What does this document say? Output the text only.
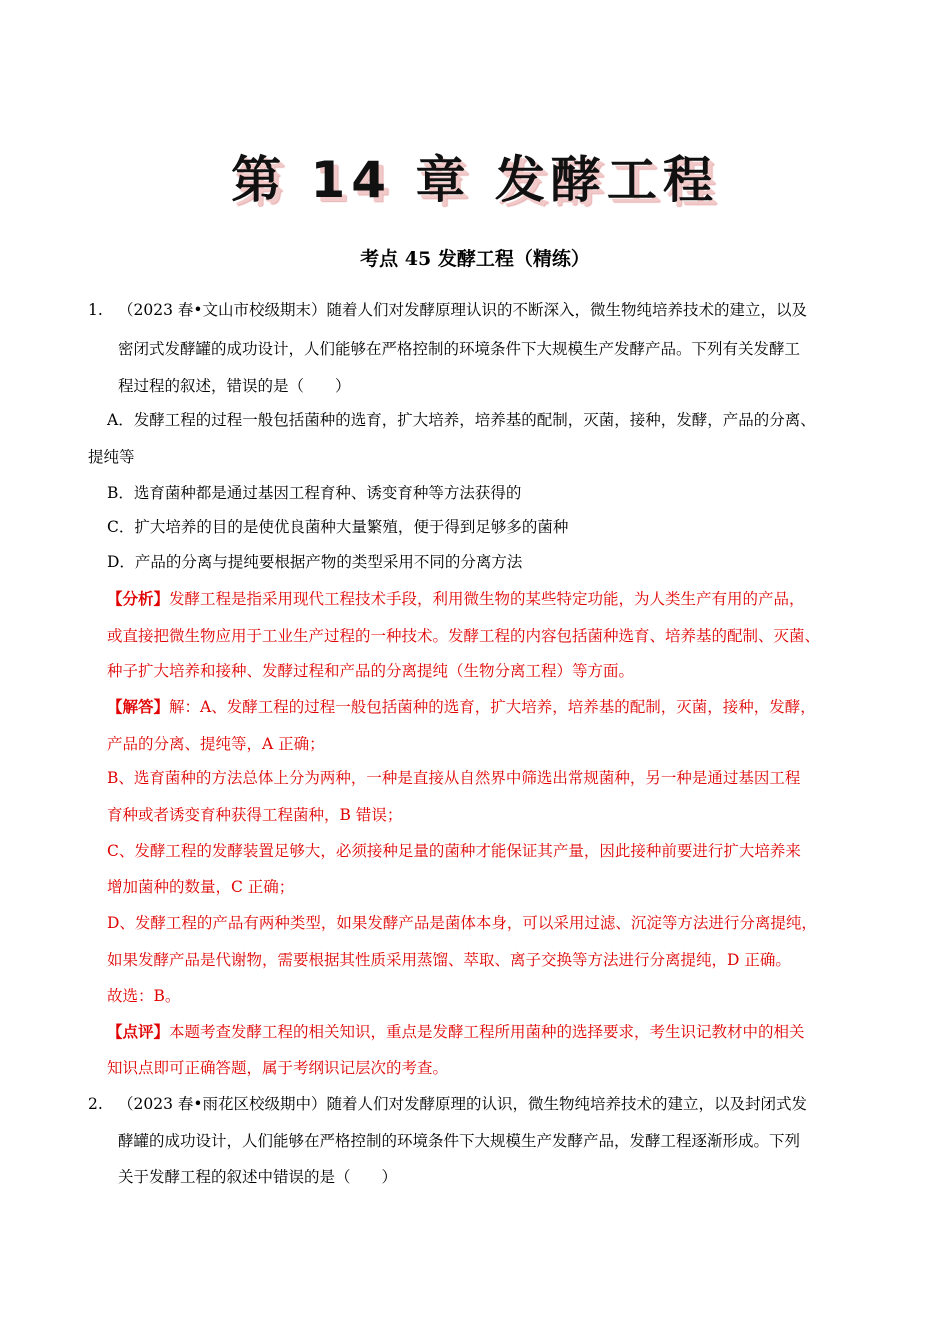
第 14 章 发酵工程
考点 45 发酵工程（精练）
1. （2023 春•文山市校级期末）随着人们对发酵原理认识的不断深入，微生物纯培养技术的建立，以及
密闭式发酵罐的成功设计，人们能够在严格控制的环境条件下大规模生产发酵产品。下列有关发酵工
程过程的叙述，错误的是（　　）
A．发酵工程的过程一般包括菌种的选育，扩大培养，培养基的配制，灭菌，接种，发酵，产品的分离、
提纯等
B．选育菌种都是通过基因工程育种、诱变育种等方法获得的
C．扩大培养的目的是使优良菌种大量繁殖，便于得到足够多的菌种
D．产品的分离与提纯要根据产物的类型采用不同的分离方法
【分析】发酵工程是指采用现代工程技术手段，利用微生物的某些特定功能，为人类生产有用的产品，
或直接把微生物应用于工业生产过程的一种技术。发酵工程的内容包括菌种选育、培养基的配制、灭菌、
种子扩大培养和接种、发酵过程和产品的分离提纯（生物分离工程）等方面。
【解答】解：A、发酵工程的过程一般包括菌种的选育，扩大培养，培养基的配制，灭菌，接种，发酵，
产品的分离、提纯等，A 正确；
B、选育菌种的方法总体上分为两种，一种是直接从自然界中筛选出常规菌种，另一种是通过基因工程
育种或者诱变育种获得工程菌种，B 错误；
C、发酵工程的发酵装置足够大，必须接种足量的菌种才能保证其产量，因此接种前要进行扩大培养来
增加菌种的数量，C 正确；
D、发酵工程的产品有两种类型，如果发酵产品是菌体本身，可以采用过滤、沉淀等方法进行分离提纯，
如果发酵产品是代谢物，需要根据其性质采用蒸馏、萃取、离子交换等方法进行分离提纯，D 正确。
故选：B。
【点评】本题考查发酵工程的相关知识，重点是发酵工程所用菌种的选择要求，考生识记教材中的相关
知识点即可正确答题，属于考纲识记层次的考查。
2. （2023 春•雨花区校级期中）随着人们对发酵原理的认识，微生物纯培养技术的建立，以及封闭式发
酵罐的成功设计，人们能够在严格控制的环境条件下大规模生产发酵产品，发酵工程逐渐形成。下列
关于发酵工程的叙述中错误的是（　　）
